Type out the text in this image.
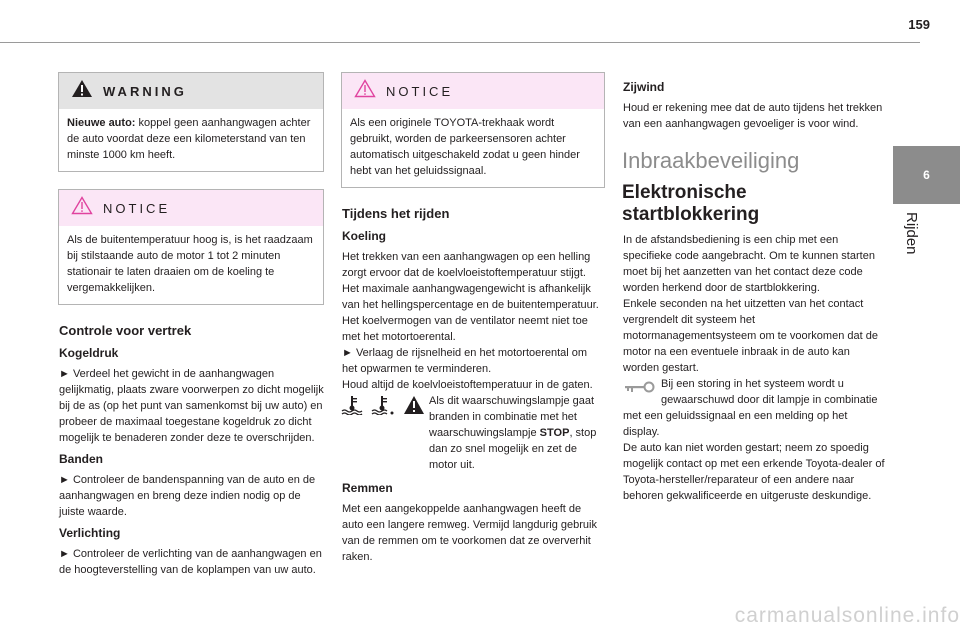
159
6
Rijden
WARNING
Nieuwe auto: koppel geen aanhangwagen achter de auto voordat deze een kilometerstand van ten minste 1000 km heeft.
NOTICE
Als de buitentemperatuur hoog is, is het raadzaam bij stilstaande auto de motor 1 tot 2 minuten stationair te laten draaien om de koeling te vergemakkelijken.
Controle voor vertrek
Kogeldruk

► Verdeel het gewicht in de aanhangwagen gelijkmatig, plaats zware voorwerpen zo dicht mogelijk bij de as (op het punt van samenkomst bij uw auto) en probeer de maximaal toegestane kogeldruk zo dicht mogelijk te benaderen zonder deze te overschrijden.

Banden

► Controleer de bandenspanning van de auto en de aanhangwagen en breng deze indien nodig op de juiste waarde.

Verlichting

► Controleer de verlichting van de aanhangwagen en de hoogteverstelling van de koplampen van uw auto.

NOTICE
Als een originele TOYOTA-trekhaak wordt gebruikt, worden de parkeersensoren achter automatisch uitgeschakeld zodat u geen hinder hebt van het geluidssignaal.
Tijdens het rijden
Koeling

Het trekken van een aanhangwagen op een helling zorgt ervoor dat de koelvloeistoftemperatuur stijgt. Het maximale aanhangwagengewicht is afhankelijk van het hellingspercentage en de buitentemperatuur. Het koelvermogen van de ventilator neemt niet toe met het motortoerental.

► Verlaag de rijsnelheid en het motortoerental om het opwarmen te verminderen.

Houd altijd de koelvloeistoftemperatuur in de gaten.

Als dit waarschuwingslampje gaat branden in combinatie met het waarschuwingslampje STOP, stop dan zo snel mogelijk en zet de motor uit.
Remmen

Met een aangekoppelde aanhangwagen heeft de auto een langere remweg. Vermijd langdurig gebruik van de remmen om te voorkomen dat ze oververhit raken.

Zijwind

Houd er rekening mee dat de auto tijdens het trekken van een aanhangwagen gevoeliger is voor wind.

Inbraakbeveiliging
Elektronische startblokkering

In de afstandsbediening is een chip met een specifieke code aangebracht. Om te kunnen starten moet bij het aanzetten van het contact deze code worden herkend door de startblokkering.

Enkele seconden na het uitzetten van het contact vergrendelt dit systeem het motormanagementsysteem om te voorkomen dat de motor na een eventuele inbraak in de auto kan worden gestart.

Bij een storing in het systeem wordt u gewaarschuwd door dit lampje in combinatie met een geluidssignaal en een melding op het display.

De auto kan niet worden gestart; neem zo spoedig mogelijk contact op met een erkende Toyota-dealer of Toyota-hersteller/reparateur of een andere naar behoren gekwalificeerde en uitgeruste deskundige.

carmanualsonline.info
